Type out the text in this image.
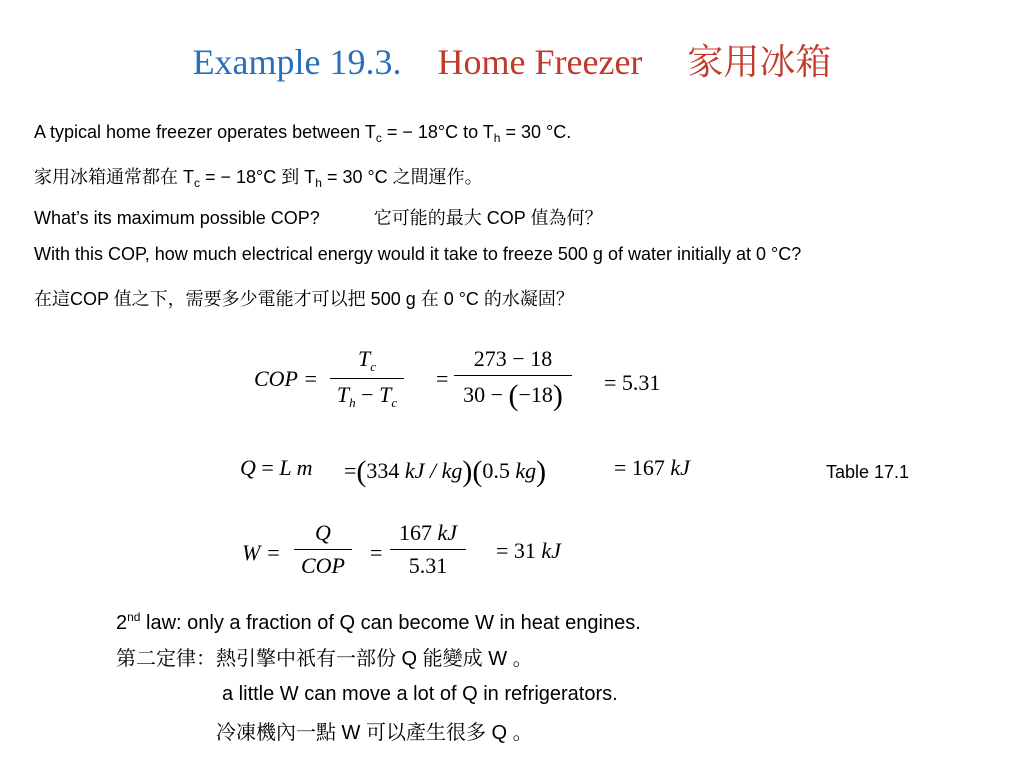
Example 19.3. Home Freezer 家用冰箱
A typical home freezer operates between $T_c$ = − 18°C to $T_h = 30$ °C.
家用冰箱通常都在 $T_c$ = − 18°C 到 $T_h = 30$ °C 之間運作。
What’s its maximum possible COP?	它可能的最大 COP 值為何？
With this COP, how much electrical energy would it take to freeze 500 g of water initially at 0 °C?
在這COP 值之下，需要多少電能才可以把 500 g 在 0 °C 的水凝固？
COP =
$T_c$
$T_h - T_c$
=
273 − 18
30 − (−18)	= 5.31
Q = L m =(334 kJ / kg)(0.5 kg)	= 167 kJ	Table 17.1
W =
Q
COP
=
167 kJ
5.31
= 31 kJ
2nd law: only a fraction of Q can become W in heat engines.
第二定律：熱引擎中祇有一部份 Q 能變成 W 。
a little W can move a lot of Q in refrigerators.
冷凍機內一點 W 可以產生很多 Q 。
